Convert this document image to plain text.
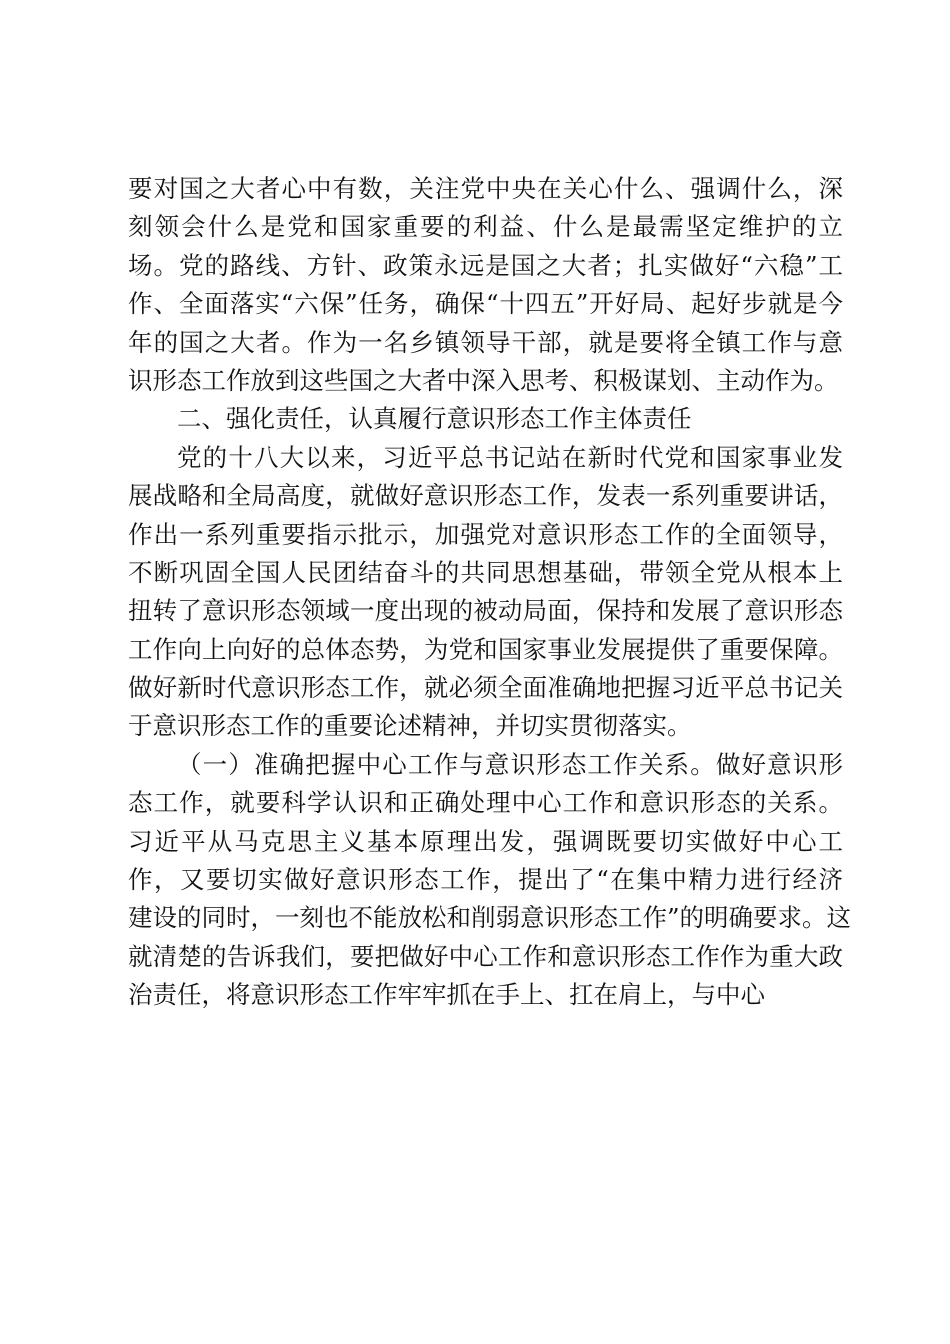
要对国之大者心中有数，关注党中央在关心什么、强调什么，深
刻领会什么是党和国家重要的利益、什么是最需坚定维护的立
场。党的路线、方针、政策永远是国之大者；扎实做好“六稳”工
作、全面落实“六保”任务，确保“十四五”开好局、起好步就是今
年的国之大者。作为一名乡镇领导干部，就是要将全镇工作与意
识形态工作放到这些国之大者中深入思考、积极谋划、主动作为。
二、强化责任，认真履行意识形态工作主体责任
党的十八大以来，习近平总书记站在新时代党和国家事业发
展战略和全局高度，就做好意识形态工作，发表一系列重要讲话，
作出一系列重要指示批示，加强党对意识形态工作的全面领导，
不断巩固全国人民团结奋斗的共同思想基础，带领全党从根本上
扭转了意识形态领域一度出现的被动局面，保持和发展了意识形态
工作向上向好的总体态势，为党和国家事业发展提供了重要保障。
做好新时代意识形态工作，就必须全面准确地把握习近平总书记关
于意识形态工作的重要论述精神，并切实贯彻落实。
（一）准确把握中心工作与意识形态工作关系。做好意识形
态工作，就要科学认识和正确处理中心工作和意识形态的关系。
习近平从马克思主义基本原理出发，强调既要切实做好中心工
作，又要切实做好意识形态工作，提出了“在集中精力进行经济
建设的同时，一刻也不能放松和削弱意识形态工作”的明确要求。这
就清楚的告诉我们，要把做好中心工作和意识形态工作作为重大政
治责任，将意识形态工作牢牢抓在手上、扛在肩上，与中心
